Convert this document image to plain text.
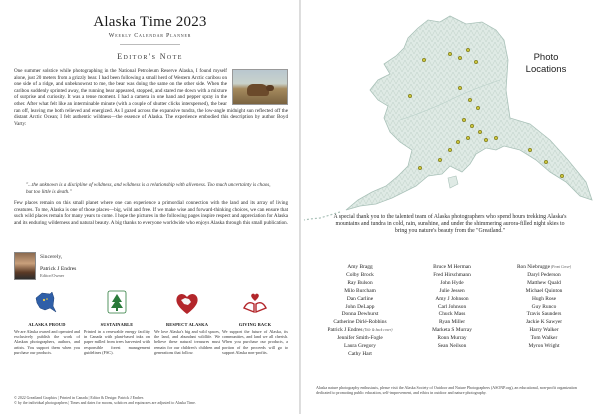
Alaska Time 2023
Weekly Calendar Planner
Editor's Note
One summer solstice while photographing in the National Petroleum Reserve Alaska, I found myself alone, just 20 meters from a grizzly bear. I had been following a small herd of Western Arctic caribou on one side of a ridge, and unbeknownst to me, the bear was doing the same on the other side. When the caribou suddenly sprinted away, the running bear appeared, stopped, and stared me down with a mixture of surprise and curiosity. It was a tense moment. I had a camera in one hand and pepper spray in the other. After what felt like an interminable minute (with a couple of shutter clicks interspersed), the bear ran off, leaving me both relieved and energized. As I gazed across the expansive tundra, the low-angle midnight sun reflected off the distant Arctic Ocean; I felt authentic wildness—the essence of Alaska. The experience embodied this description by author Boyd Varty:
"...the unknown is a discipline of wildness, and wildness is a relationship with aliveness. Too much uncertainty is chaos, but too little is death."
Few places remain on this small planet where one can experience a primordial connection with the land and its array of living creatures. To me, Alaska is one of those places—big, wild and free. If we make wise and forward-thinking choices, we can ensure that such wild places remain for many years to come. I hope the pictures in the following pages inspire respect and appreciation for Alaska and its enduring wilderness and natural beauty. A big thanks to everyone worldwide who enjoys Alaska through this small publication.
Sincerely,
Patrick J Endres
Editor/Owner
ALASKA PROUD
We are Alaska owned and operated and exclusively publish the work of Alaskan photographers, authors, and artists. You support them when you purchase our products.
SUSTAINABLE
Printed in a renewable energy facility in Canada with plant-based inks on paper milled from trees harvested with responsible forest management guidelines (FSC).
RESPECT ALASKA
We love Alaska's big and wild spaces, the land, and abundant wildlife. We believe these natural treasures must remain for our children's children and generations that follow.
GIVING BACK
We support the future of Alaska, its communities, and land we all cherish. When you purchase our products, a portion of the proceeds will go to support Alaska non-profits.
© 2022 Greatland Graphics | Printed in Canada | Editor & Design: Patrick J Endres
© by the individual photographers | Times and dates for moons, solstices and equinoxes are adjusted to Alaska Time.
Photo
Locations
A special thank you to the talented team of Alaska photographers who spend hours trekking Alaska's mountains and tundra in cold, rain, sunshine, and under the shimmering aurora-filled night skies to bring you nature's beauty from the "Greatland."
Amy Bragg
Colby Brock
Ray Bulson
Milo Burcham
Dan Carline
John DeLapp
Donna Dewhurst
Catherine Dirlé-Robbins
Patrick J Endres (Title & back cover)
Jennifer Smith-Fogle
Laura Gregory
Cathy Hart
Bruce M Herman
Fred Hirschmann
John Hyde
Julie Jessen
Amy J Johnson
Carl Johnson
Chuck Mass
Ryan Miller
Marketa S Murray
Ronn Murray
Sean Neilson
Ron Niebrugge (Front Cover)
Daryl Pederson
Matthew Quald
Michael Quinton
Hugh Rose
Guy Runco
Travis Saunders
Jackie K Sawyer
Harry Walker
Tom Walker
Myron Wright
Alaska nature photography enthusiasts, please visit the Alaska Society of Outdoor and Nature Photographers (ASONP.org), an educational, non-profit organization dedicated to promoting public education, self-improvement, and ethics in outdoor and nature photography.
